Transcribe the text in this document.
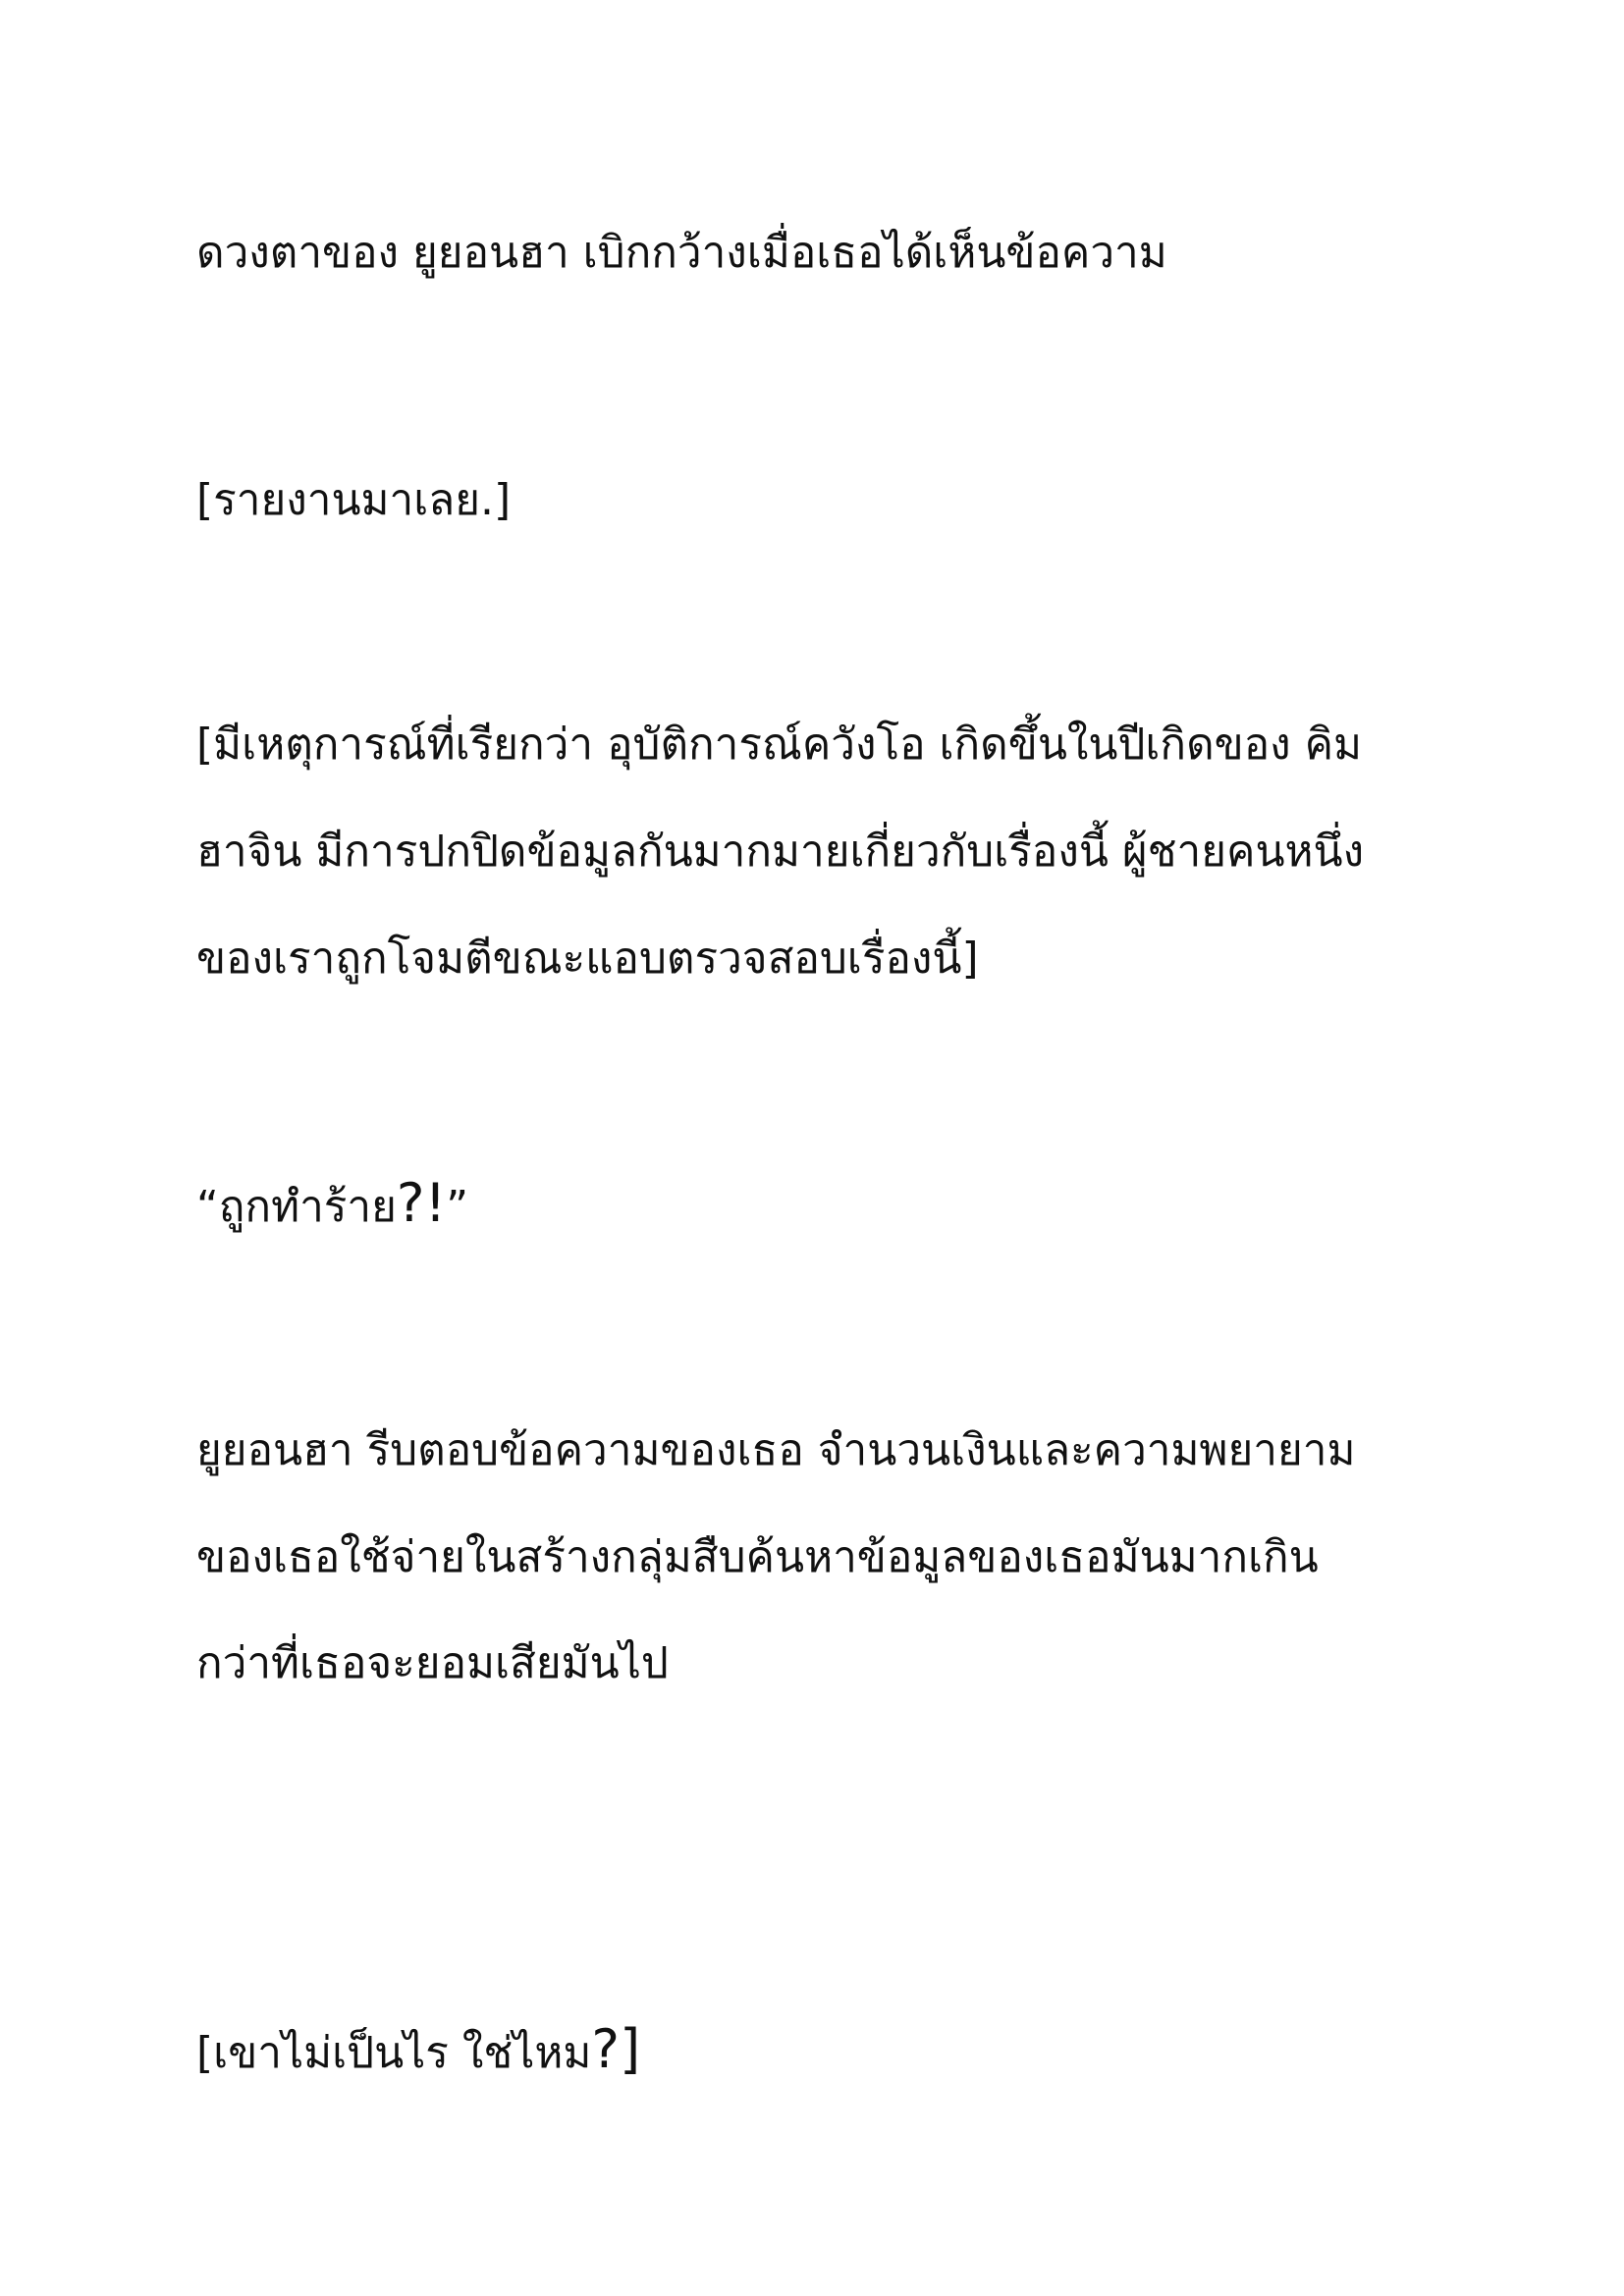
ดวงตาของ ยูยอนฮา เบิกกว้างเมื่อเธอได้เห็นข้อความ

[รายงานมาเลย.]

[มีเหตุการณ์ที่เรียกว่า อุบัติการณ์ควังโอ เกิดขึ้นในปีเกิดของ คิม

ฮาจิน มีการปกปิดข้อมูลกันมากมายเกี่ยวกับเรื่องนี้ ผู้ชายคนหนึ่ง

ของเราถูกโจมตีขณะแอบตรวจสอบเรื่องนี้]

“ถูกทำร้าย?!”

ยูยอนฮา รีบตอบข้อความของเธอ จำนวนเงินและความพยายาม

ของเธอใช้จ่ายในสร้างกลุ่มสืบค้นหาข้อมูลของเธอมันมากเกิน

กว่าที่เธอจะยอมเสียมันไป

[เขาไม่เป็นไร ใช่ไหม?]
